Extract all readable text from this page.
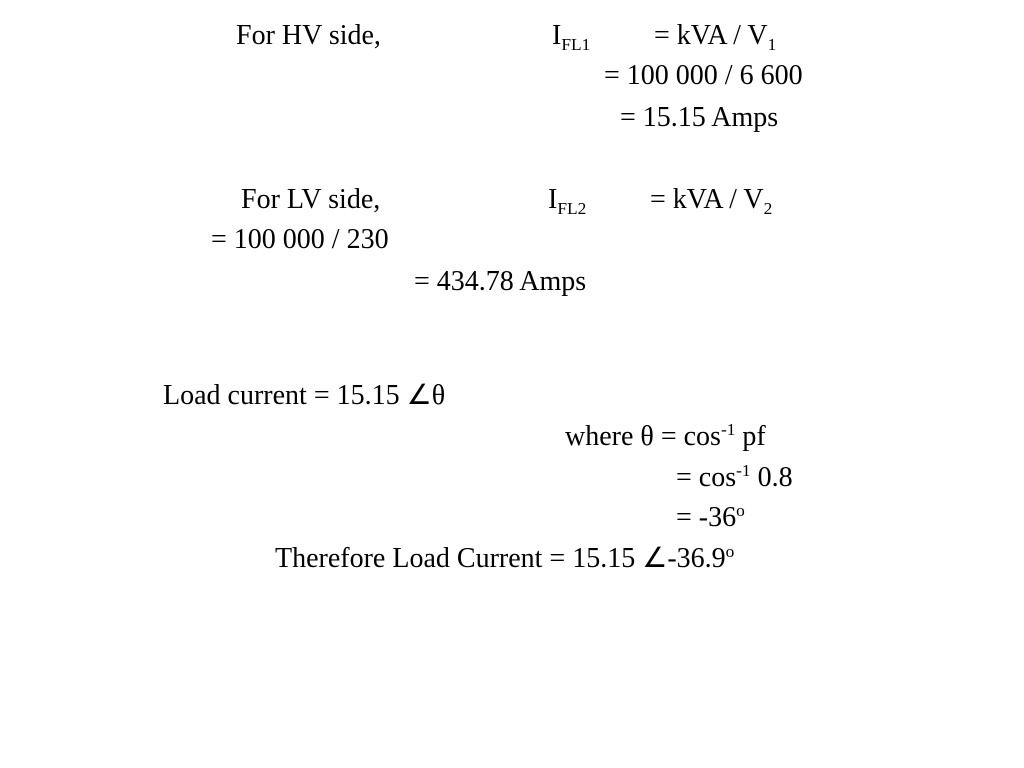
For HV side,	$I_{FL1}$ = kVA / $V_1$
= 100 000 / 6 600
= 15.15 Amps
For LV side,	$I_{FL2}$ = kVA / $V_2$
= 100 000 / 230
= 434.78 Amps
Load current = 15.15 ∠θ
where $\theta = \cos^{-1}$ pf
= $\cos^{-1} 0.8$
= $-36^o$
Therefore Load Current = 15.15 ∠-36.9$^o$
